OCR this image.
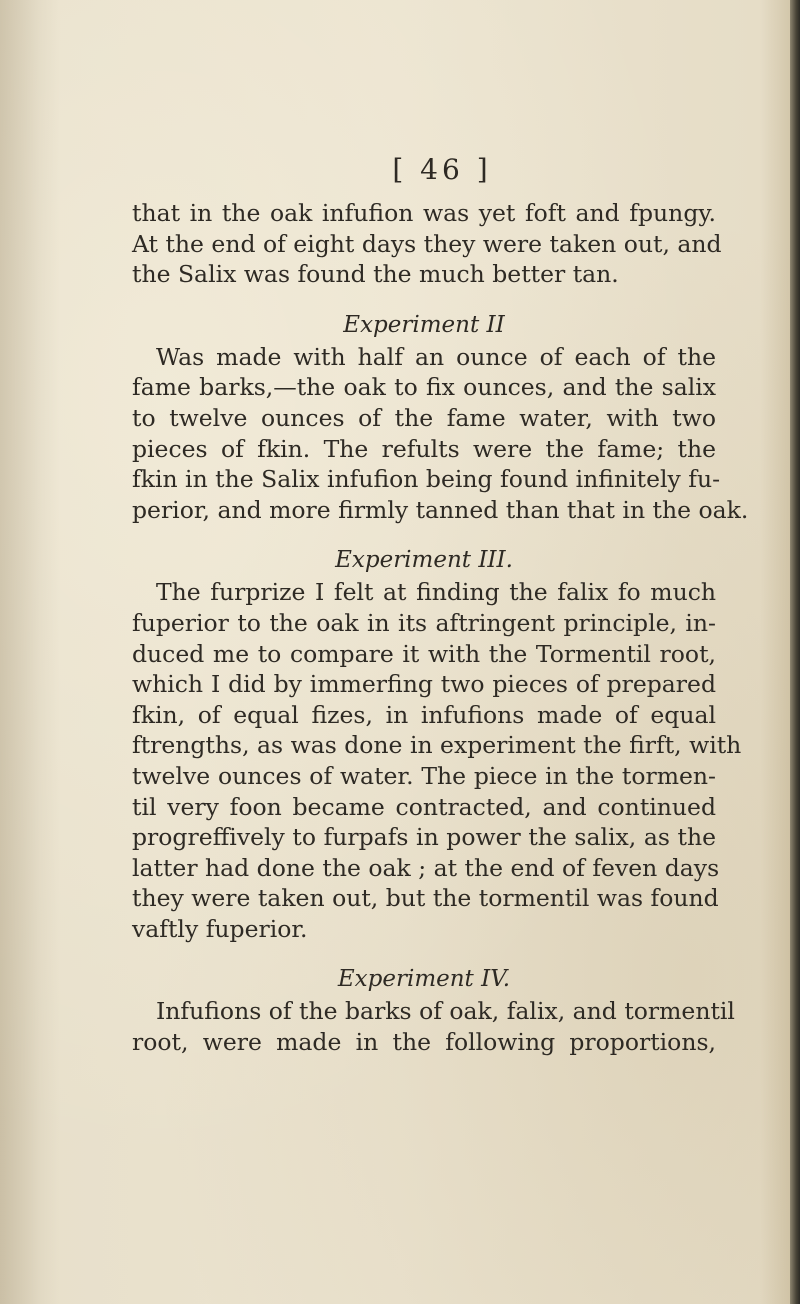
[ 46 ]
that in the oak infufion was yet foft and fpungy.
At the end of eight days they were taken out, and
the Salix was found the much better tan.
Experiment II
Was made with half an ounce of each of the
fame barks,—the oak to fix ounces, and the salix
to twelve ounces of the fame water, with two
pieces of fkin. The refults were the fame; the
fkin in the Salix infufion being found infinitely fu-
perior, and more firmly tanned than that in the oak.
Experiment III.
The furprize I felt at finding the falix fo much
fuperior to the oak in its aftringent principle, in-
duced me to compare it with the Tormentil root,
which I did by immerfing two pieces of prepared
fkin, of equal fizes, in infufions made of equal
ftrengths, as was done in experiment the firft, with
twelve ounces of water. The piece in the tormen-
til very foon became contracted, and continued
progreffively to furpafs in power the salix, as the
latter had done the oak ; at the end of feven days
they were taken out, but the tormentil was found
vaftly fuperior.
Experiment IV.
Infufions of the barks of oak, falix, and tormentil
root, were made in the following proportions,
